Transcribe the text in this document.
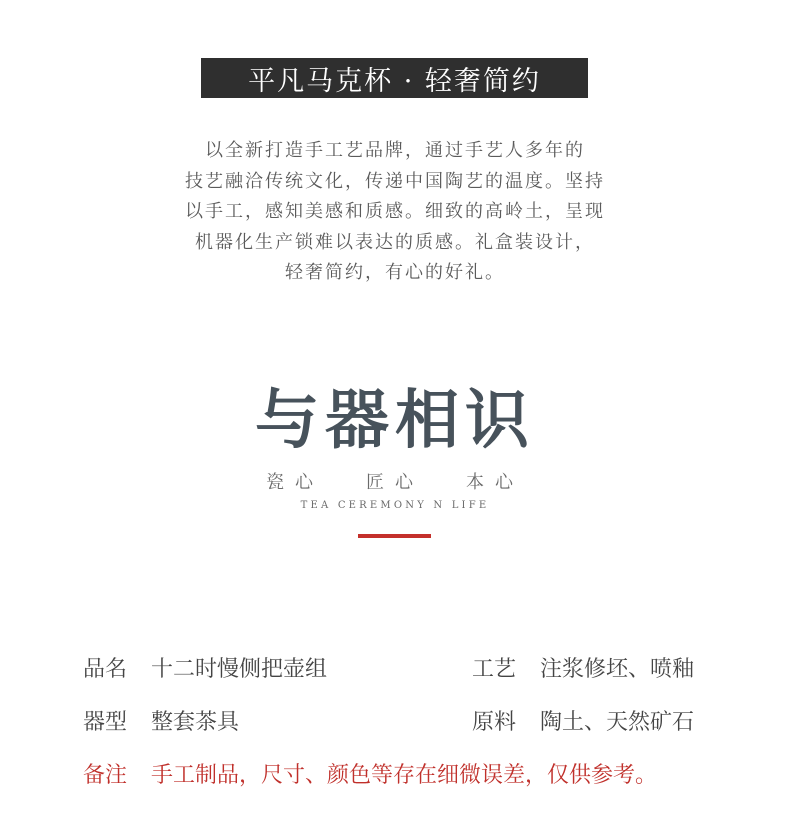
平凡马克杯 · 轻奢简约
以全新打造手工艺品牌，通过手艺人多年的
技艺融洽传统文化，传递中国陶艺的温度。坚持
以手工，感知美感和质感。细致的高岭土，呈现
机器化生产锁难以表达的质感。礼盒装设计，
轻奢简约，有心的好礼。
与器相识
瓷心 匠心 本心
TEA CEREMONY N LIFE
品名 十二时慢侧把壶组	工艺 注浆修坯、喷釉
器型 整套茶具	原料 陶土、天然矿石
备注 手工制品，尺寸、颜色等存在细微误差，仅供参考。
